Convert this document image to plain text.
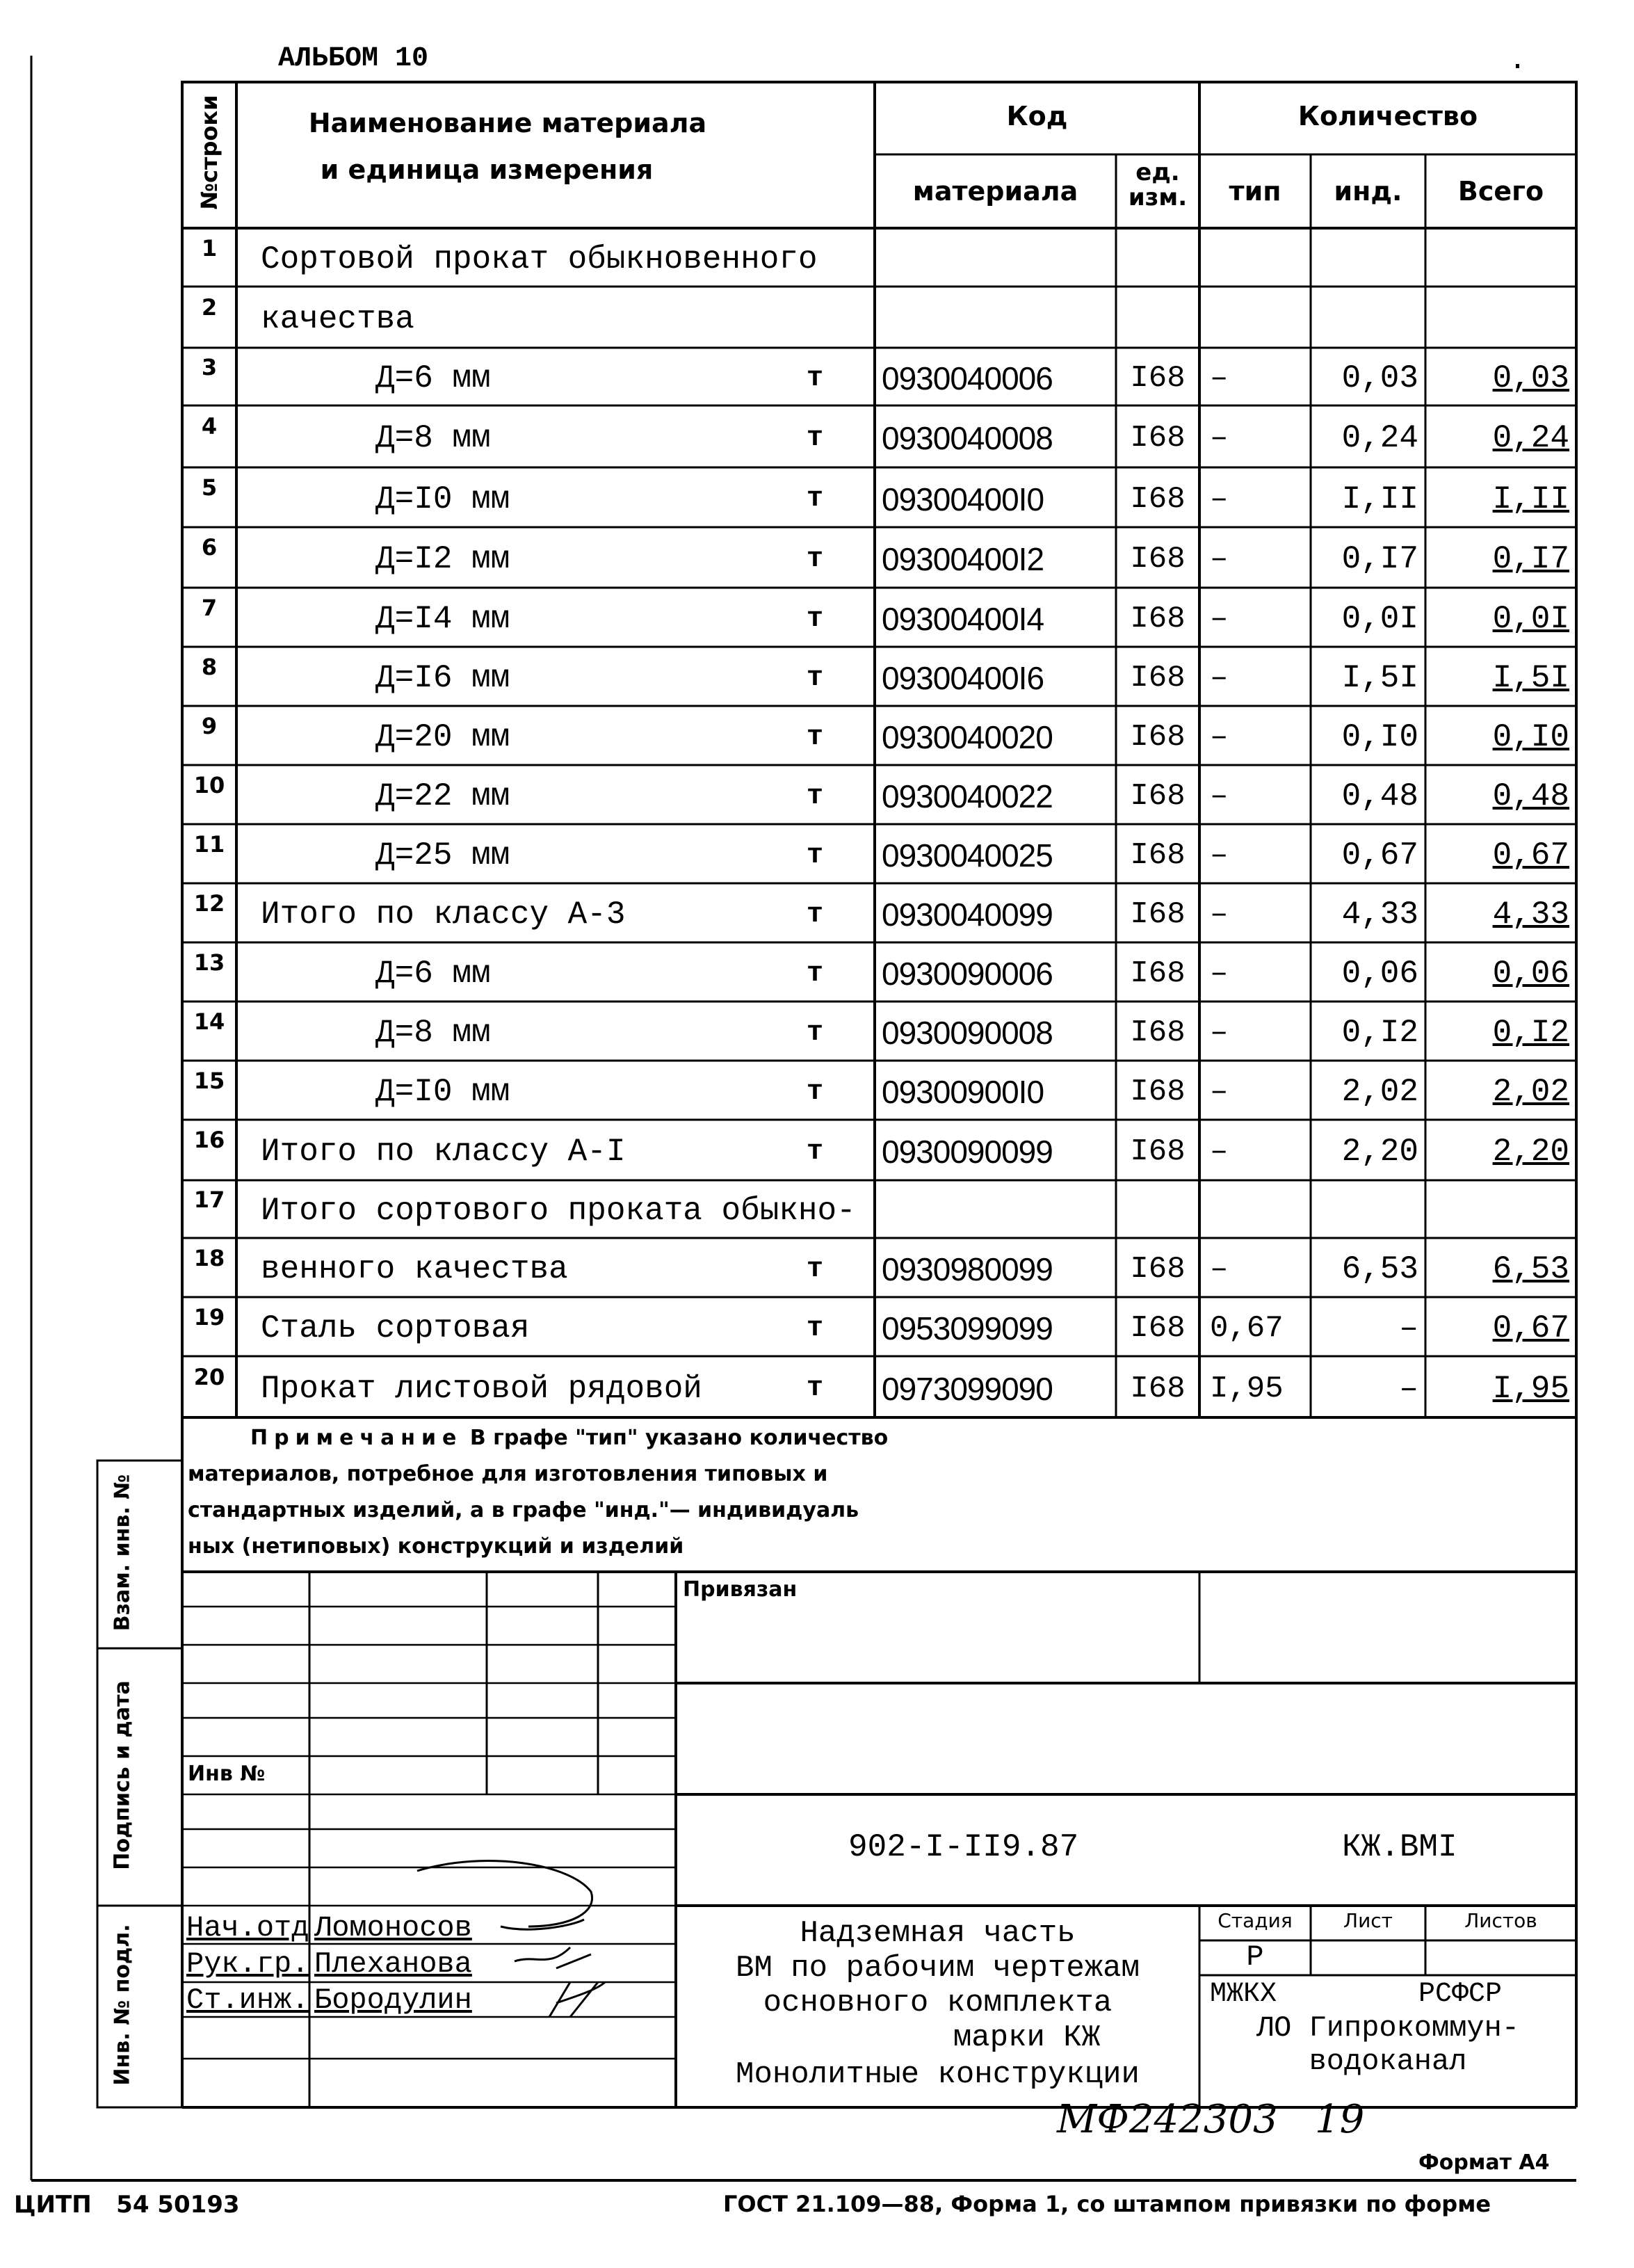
АЛЬБОМ 10
№строки	Наименование материала
и единица измерения
Код	Количество
материала
ед. изм.	тип	инд.	Всего
1	Сортовой прокат обыкновенного
2	качества
3	Д=6 мм	т 0930040006	I68 –	0,03	0,03
4	Д=8 мм	т 0930040008	I68 –	0,24	0,24
5	Д=I0 мм	т 09300400I0	I68 –	I,II	I,II
6	Д=I2 мм	т 09300400I2	I68 –	0,I7	0,I7
7	Д=I4 мм	т 09300400I4	I68 –	0,0I	0,0I
8	Д=I6 мм	т 09300400I6	I68 –	I,5I	I,5I
9	Д=20 мм	т 0930040020	I68 –	0,I0	0,I0
10	Д=22 мм	т 0930040022	I68 –	0,48	0,48
11	Д=25 мм	т 0930040025	I68 –	0,67	0,67
12	Итого по классу А-3	т 0930040099	I68 –	4,33	4,33
13	Д=6 мм	т 0930090006	I68 –	0,06	0,06
14	Д=8 мм	т 0930090008	I68 –	0,I2	0,I2
15	Д=I0 мм	т 09300900I0	I68 –	2,02	2,02
16	Итого по классу А-I	т 0930090099	I68 –	2,20	2,20
17	Итого сортового проката обыкно-
18	венного качества	т 0930980099	I68 –	6,53	6,53
19	Сталь сортовая	т 0953099099	I68 0,67	–	0,67
20	Прокат листовой рядовой	т 0973099090	I68 I,95	–	I,95
Примечание В графе "тип" указано количество
материалов, потребное для изготовления типовых и
стандартных изделий, а в графе "инд."— индивидуаль
ных (нетиповых) конструкций и изделий
Взам. инв. №
Подпись и дата
Инв. № подл.
Привязан
Инв №
902-I-II9.87	КЖ.ВМI
Нач.отд Ломоносов
Рук.гр. Плеханова
Ст.инж. Бородулин
Надземная часть
ВМ по рабочим чертежам
основного комплекта
марки КЖ
Монолитные конструкции
Стадия	Лист	Листов
Р
МЖКХ	РСФСР
ЛО Гипрокоммун-
водоканал
МФ242303   19
Формат А4
ЦИТП   54 50193	ГОСТ 21.109—88, Форма 1, со штампом привязки по форме
